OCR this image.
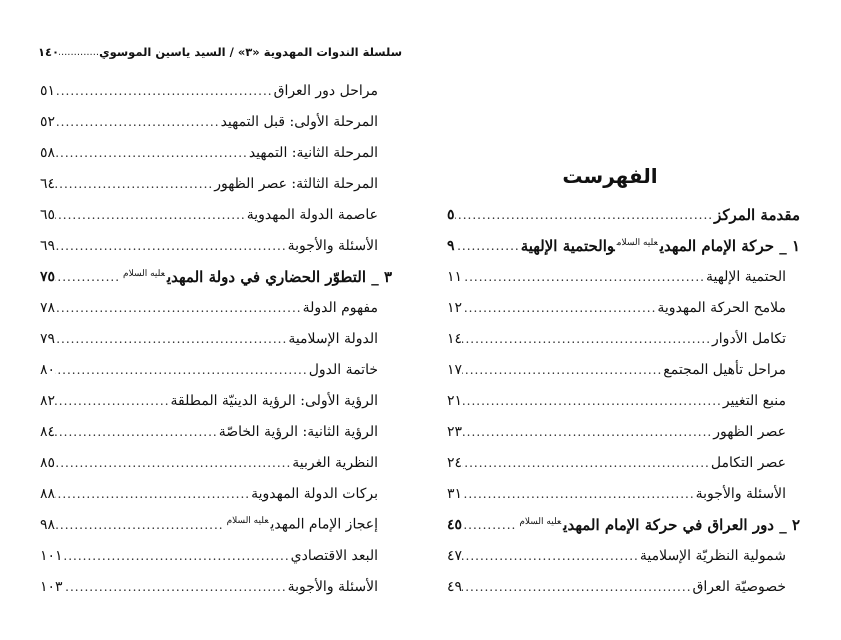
سلسلة الندوات المهدوية «٣» / السيد ياسين الموسوي
.....
١٤٠
مراحل دور العراق
.....
٥١
المرحلة الأولى: قبل التمهيد
.....
٥٢
المرحلة الثانية: التمهيد
.....
٥٨
المرحلة الثالثة: عصر الظهور
.....
٦٤
عاصمة الدولة المهدوية
.....
٦٥
الأسئلة والأجوبة
.....
٦٩
٣ _ التطوّر الحضاري في دولة المهدي$^{عليه السلام}$
.....
٧٥
مفهوم الدولة
.....
٧٨
الدولة الإسلامية
.....
٧٩
خاتمة الدول
.....
٨٠
الرؤية الأولى: الرؤية الدينيّة المطلقة
.....
٨٢
الرؤية الثانية: الرؤية الخاصّة
.....
٨٤
النظرية الغربية
.....
٨٥
بركات الدولة المهدوية
.....
٨٨
إعجاز الإمام المهدي$^{عليه السلام}$
.....
٩٨
البعد الاقتصادي
.....
١٠١
الأسئلة والأجوبة
.....
١٠٣
الفهرست
مقدمة المركز
.....
٥
١ _ حركة الإمام المهدي$^{عليه السلام}$والحتمية الإلهية
.....
٩
الحتمية الإلهية
.....
١١
ملامح الحركة المهدوية
.....
١٢
تكامل الأدوار
.....
١٤
مراحل تأهيل المجتمع
.....
١٧
منبع التغيير
.....
٢١
عصر الظهور
.....
٢٣
عصر التكامل
.....
٢٤
الأسئلة والأجوبة
.....
٣١
٢ _ دور العراق في حركة الإمام المهدي$^{عليه السلام}$
.....
٤٥
شمولية النظريّة الإسلامية
.....
٤٧
خصوصيّة العراق
.....
٤٩
